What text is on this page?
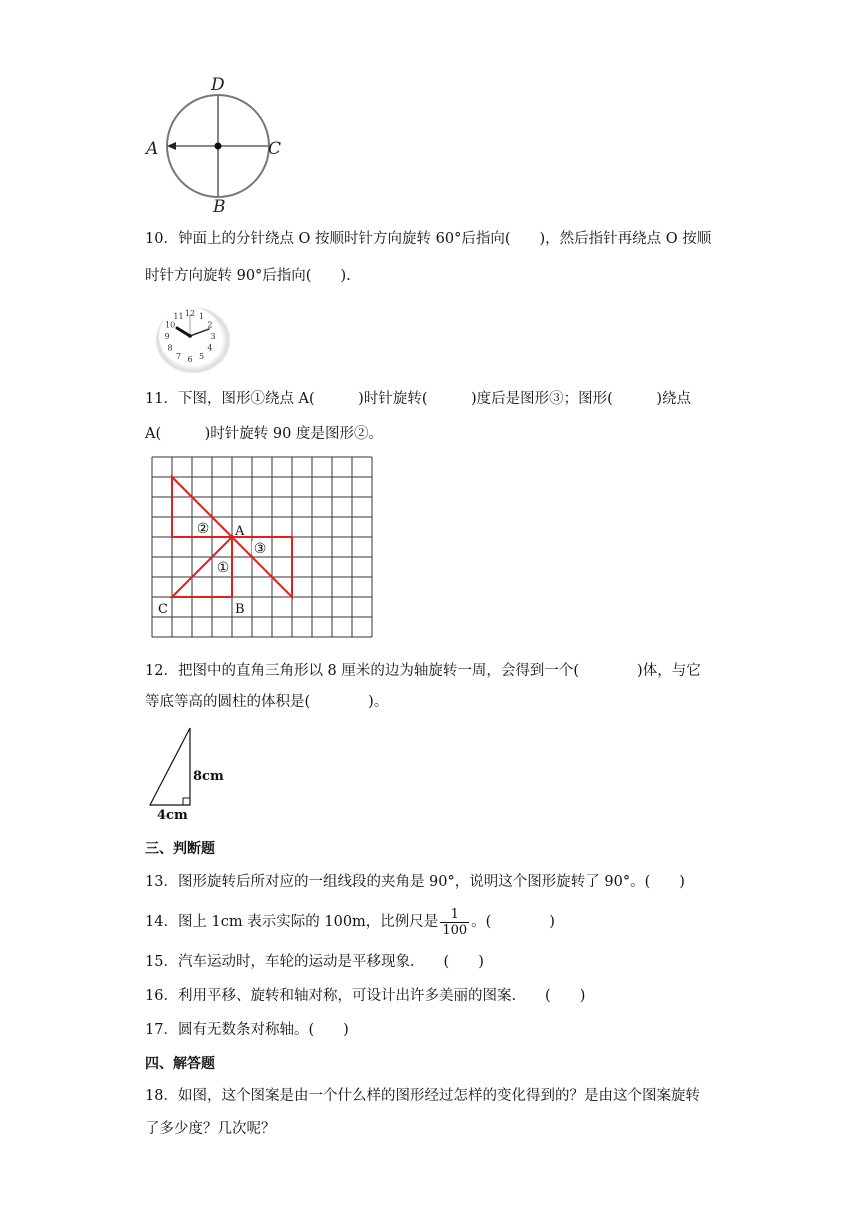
D
A	C
B
10．钟面上的分针绕点 O 按顺时针方向旋转 60°后指向(　　)，然后指针再绕点 O 按顺
时针方向旋转 90°后指向(　　).
12 1
2
3
4
5
6
7
8
9
10
11
11．下图，图形①绕点 A(　　　)时针旋转(　　　)度后是图形③；图形(　　　)绕点
A(　　　)时针旋转 90 度是图形②。
②
③
①
A
B
C
12．把图中的直角三角形以 8 厘米的边为轴旋转一周，会得到一个(　　　　)体，与它
等底等高的圆柱的体积是(　　　　)。
8cm
4cm
三、判断题
13．图形旋转后所对应的一组线段的夹角是 90°，说明这个图形旋转了 90°。(　　)
14．图上 1cm 表示实际的 100m，比例尺是 $\frac{1}{100}$ 。(　　　　)
15．汽车运动时，车轮的运动是平移现象.　　(　　)
16．利用平移、旋转和轴对称，可设计出许多美丽的图案.　　(　　)
17．圆有无数条对称轴。(　　)
四、解答题
18．如图，这个图案是由一个什么样的图形经过怎样的变化得到的？是由这个图案旋转
了多少度？几次呢？
